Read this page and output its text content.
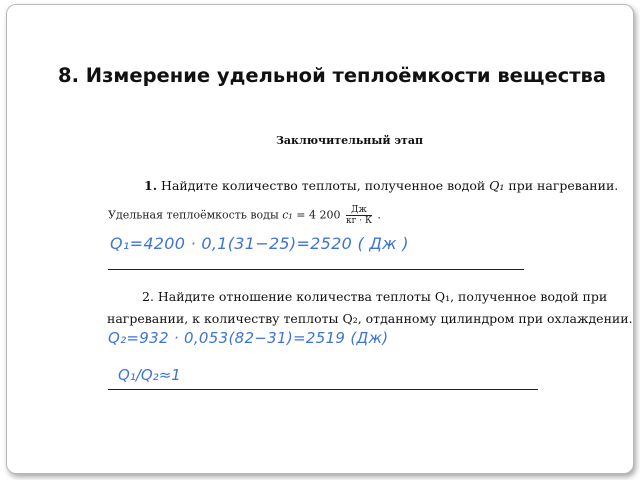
8. Измерение удельной теплоёмкости вещества
Заключительный этап
1. Найдите количество теплоты, полученное водой Q₁ при нагревании.
Удельная теплоёмкость воды c₁ = 4 $200 \frac{Дж}{кг \cdot К}$ .
Q₁=4200 · 0,1(31−25)=2520 ( Дж )
2. Найдите отношение количества теплоты Q₁, полученное водой при
нагревании, к количеству теплоты Q₂, отданному цилиндром при охлаждении.
Q₂=932 · 0,053(82−31)=2519 (Дж)
Q₁/Q₂≈1
